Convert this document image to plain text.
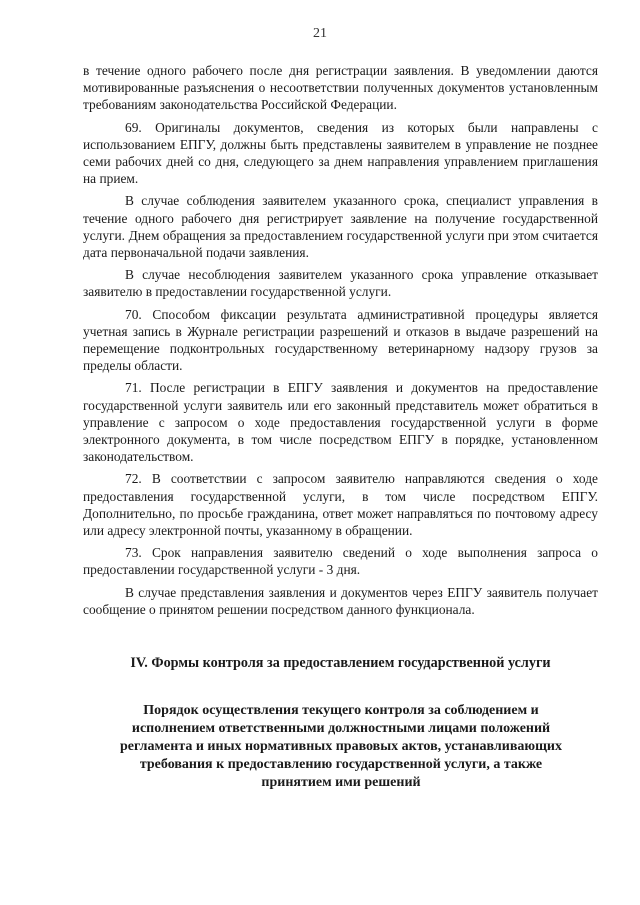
21

в течение одного рабочего после дня регистрации заявления. В уведомлении даются мотивированные разъяснения о несоответствии полученных документов установленным требованиям законодательства Российской Федерации.

69. Оригиналы документов, сведения из которых были направлены с использованием ЕПГУ, должны быть представлены заявителем в управление не позднее семи рабочих дней со дня, следующего за днем направления управлением приглашения на прием.

В случае соблюдения заявителем указанного срока, специалист управления в течение одного рабочего дня регистрирует заявление на получение государственной услуги. Днем обращения за предоставлением государственной услуги при этом считается дата первоначальной подачи заявления.

В случае несоблюдения заявителем указанного срока управление отказывает заявителю в предоставлении государственной услуги.

70. Способом фиксации результата административной процедуры является учетная запись в Журнале регистрации разрешений и отказов в выдаче разрешений на перемещение подконтрольных государственному ветеринарному надзору грузов за пределы области.

71. После регистрации в ЕПГУ заявления и документов на предоставление государственной услуги заявитель или его законный представитель может обратиться в управление с запросом о ходе предоставления государственной услуги в форме электронного документа, в том числе посредством ЕПГУ в порядке, установленном законодательством.

72. В соответствии с запросом заявителю направляются сведения о ходе предоставления государственной услуги, в том числе посредством ЕПГУ. Дополнительно, по просьбе гражданина, ответ может направляться по почтовому адресу или адресу электронной почты, указанному в обращении.

73. Срок направления заявителю сведений о ходе выполнения запроса о предоставлении государственной услуги - 3 дня.

В случае представления заявления и документов через ЕПГУ заявитель получает сообщение о принятом решении посредством данного функционала.

IV. Формы контроля за предоставлением государственной услуги
Порядок осуществления текущего контроля за соблюдением и исполнением ответственными должностными лицами положений регламента и иных нормативных правовых актов, устанавливающих требования к предоставлению государственной услуги, а также принятием ими решений
